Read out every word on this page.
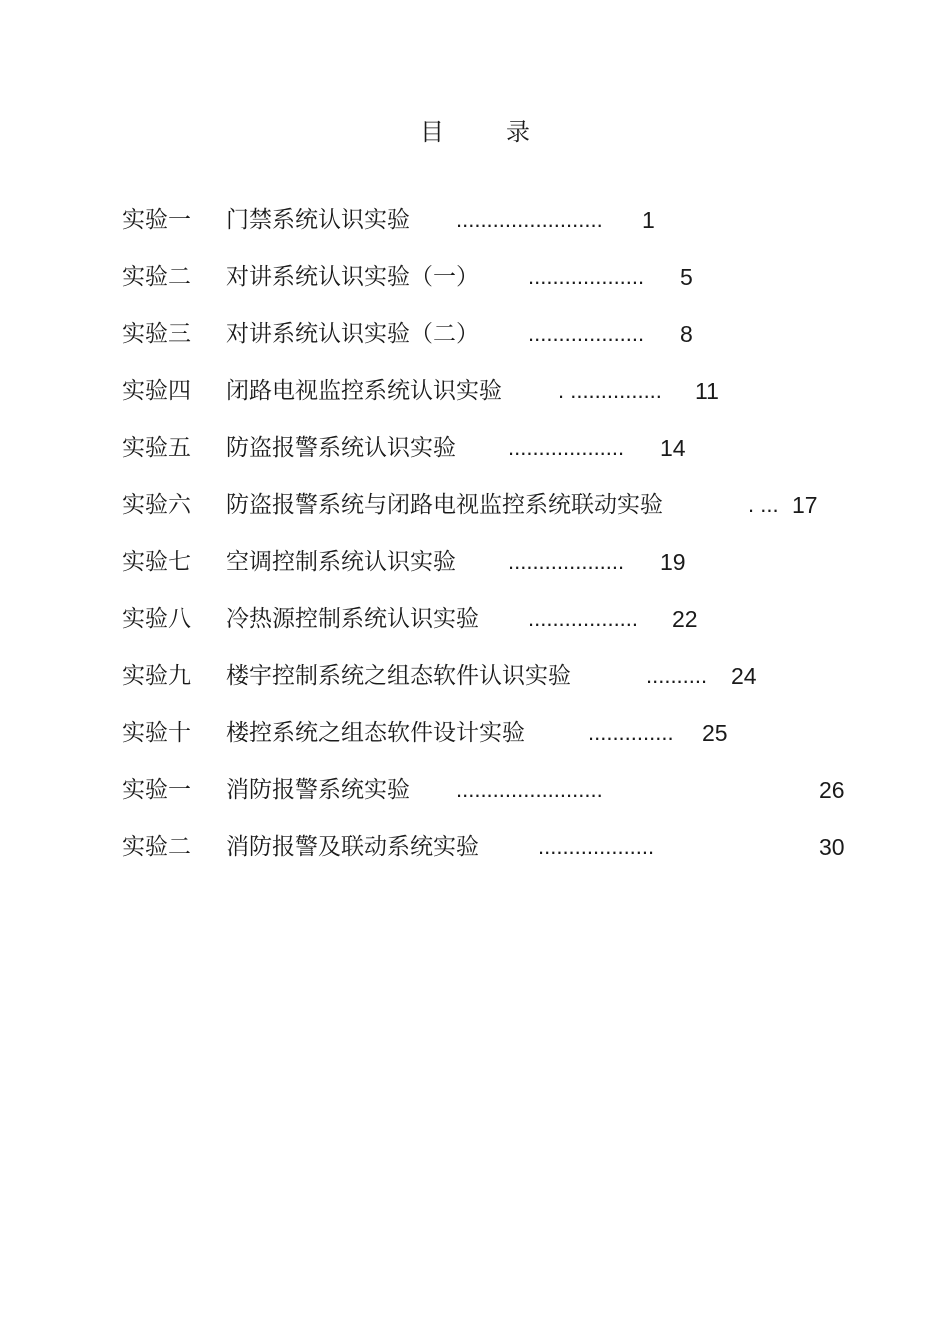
目	录
实验一 门禁系统认识实验 ........................ 1
实验二 对讲系统认识实验（一） ................... 5
实验三 对讲系统认识实验（二） ................... 8
实验四 闭路电视监控系统认识实验	. ............... 11
实验五 防盗报警系统认识实验 ................... 14
实验六 防盗报警系统与闭路电视监控系统联动实验	. ... 17
实验七 空调控制系统认识实验 ................... 19
实验八 冷热源控制系统认识实验 .................. 22
实验九 楼宇控制系统之组态软件认识实验	.......... 24
实验十 楼控系统之组态软件设计实验	.............. 25
实验一 消防报警系统实验 ........................	26
实验二 消防报警及联动系统实验	...................	30
